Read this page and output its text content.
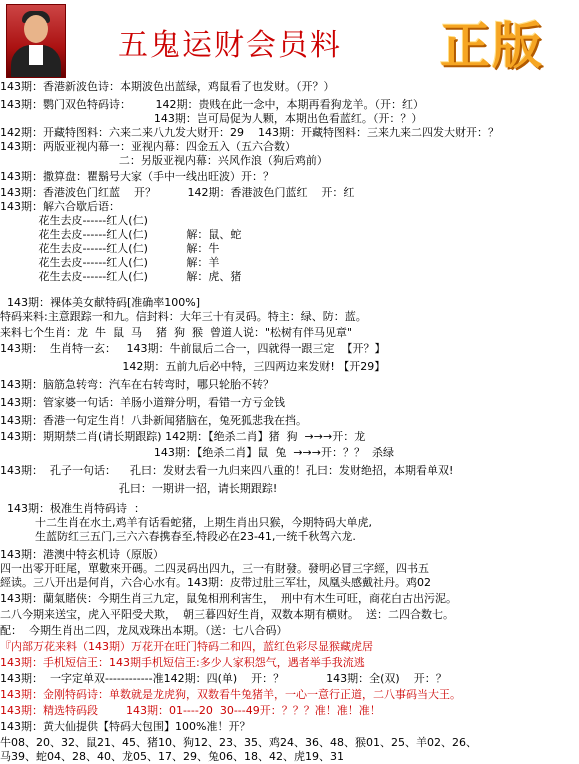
五鬼运财会员料 正版
143期：香港新波色诗：本期波色出蓝绿，鸡鼠看了也发财。（开？）
143期：鹦门双色特码诗：       142期：贵贱在此一念中，本期再看狗龙羊。（开：红）
143期：岂可局促为人颗，本期出色看蓝红。（开：？）
142期：开藏特图料：六来二来八九发大财开：29    143期：开藏特图料：三来九来二四发大财开：？
143期：两版亚视内幕一：亚视内幕：四金五入（五六合数）
二：另版亚视内幕：兴风作浪（狗后鸡前）
143期：撒算盘：瞿鬍号大家（手中一线出旺波）开：？
143期：香港波色门红蓝    开？         142期：香港波色门蓝红    开：红
143期：解六合歇后语：
花生去皮------红人(仁)
花生去皮------红人(仁)           解：鼠、蛇
花生去皮------红人(仁)           解：牛
花生去皮------红人(仁)           解：羊
花生去皮------红人(仁)           解：虎、猪
143期：裸体美女献特码[准确率100%]
特码来料:主意跟踪一和九。信封料：大年三十有灵码。特主：绿、防：蓝。
来料七个生肖：龙  牛  鼠  马    猪  狗  猴  曾道人说："松树有伴马见章"
143期：  生肖特一玄：   143期：牛前鼠后二合一，四就得一跟三定  【开？】
142期：五前九后必中特，三四两边来发财! 【开29】
143期：脑筋急转弯：汽车在右转弯时，哪只轮胎不转？
143期：管家婆一句话：羊肠小道辩分明，看错一方亏金钱
143期：香港一句定生肖！八卦新闻猪脑在，兔死狐悲我在挡。
143期：期期禁二肖(请长期跟踪) 142期：【绝杀二肖】猪  狗  →→→开：龙
143期：【绝杀二肖】鼠  兔  →→→开：？？  杀绿
143期：  孔子一句话：    孔曰：发财去看一九归来四八重的！孔曰：发财绝招，本期看单双!
孔曰：一期讲一招，请长期跟踪!
143期：极准生肖特码诗  ：
十二生肖在水土,鸡羊有话看蛇猪，上期生肖出只猴，今期特码大单虎,
生蓝防红三五门,三六六春携春至,特段必在23-41,一统千秋驾六龙.
143期：港澳中特玄机诗（原版）
四一出零开旺尾，單數來开碼。二四灵码出四九，三一有財發。發明必冒三字經，四书五
經读。三八开出是何肖，六合心水有。143期：皮带过肚三军壮，凤凰头感戴社丹。鸡02
143期：蘭氣賭侠：今期生肖三九定，鼠兔相刑利害生，  刑中有木生可旺，商花白古出污泥。
二八今期来送宝，虎入平阳受犬欺，  朝三暮四好生肖，双数本期有横财。  送：二四合数七。
配：  今期生肖出二四，龙凤戏珠出本期。（送：七八合码）
『内部万花来料（143期）万花开在旺门特码二和四，蓝红色彩尽显猴藏虎居
143期：手机短信王：143期手机短信王:多少人家积怨气，遇者举手我流逃
143期：  一字定单双------------准142期：四(单)    开：？            143期：全(双)    开：？
143期：金刚特码诗：单数就是龙虎狗，双数看牛兔猪羊，一心一意行正道，二八事码当大王。
143期：精选特码段        143期：01----20  30---49开：？？？准！准！准！
143期：黄大仙提供【特码大包围】100%准！开？
牛08、20、32、鼠21、45、猪10、狗12、23、35、鸡24、36、48、猴01、25、羊02、26、
马39、蛇04、28、40、龙05、17、29、兔06、18、42、虎19、31
